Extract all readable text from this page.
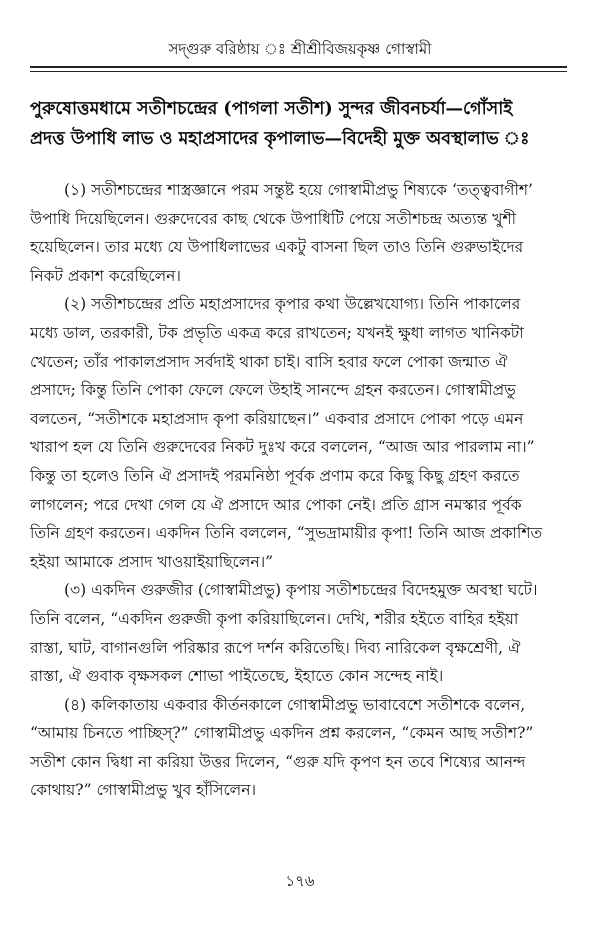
সদ্‌গুরু বরিষ্ঠায় ঃ শ্রীশ্রীবিজয়কৃষ্ণ গোস্বামী
পুরুষোত্তমধামে সতীশচন্দ্রের (পাগলা সতীশ) সুন্দর জীবনচর্যা—গোঁসাই
প্রদত্ত উপাধি লাভ ও মহাপ্রসাদের কৃপালাভ—বিদেহী মুক্ত অবস্থালাভ ঃ
(১) সতীশচন্দ্রের শাস্ত্রজ্ঞানে পরম সন্তুষ্ট হয়ে গোস্বামীপ্রভু শিষ্যকে ‘তত্ত্ববাগীশ’
উপাধি দিয়েছিলেন। গুরুদেবের কাছ থেকে উপাধিটি পেয়ে সতীশচন্দ্র অত্যন্ত খুশী
হয়েছিলেন। তার মধ্যে যে উপাধিলাভের একটু বাসনা ছিল তাও তিনি গুরুভাইদের
নিকট প্রকাশ করেছিলেন।
(২) সতীশচন্দ্রের প্রতি মহাপ্রসাদের কৃপার কথা উল্লেখযোগ্য। তিনি পাকালের
মধ্যে ডাল, তরকারী, টক প্রভৃতি একত্র করে রাখতেন; যখনই ক্ষুধা লাগত খানিকটা
খেতেন; তাঁর পাকালপ্রসাদ সর্বদাই থাকা চাই। বাসি হবার ফলে পোকা জন্মাত ঐ
প্রসাদে; কিন্তু তিনি পোকা ফেলে ফেলে উহাই সানন্দে গ্রহন করতেন। গোস্বামীপ্রভু
বলতেন, “সতীশকে মহাপ্রসাদ কৃপা করিয়াছেন।” একবার প্রসাদে পোকা পড়ে এমন
খারাপ হল যে তিনি গুরুদেবের নিকট দুঃখ করে বললেন, “আজ আর পারলাম না।”
কিন্তু তা হলেও তিনি ঐ প্রসাদই পরমনিষ্ঠা পূর্বক প্রণাম করে কিছু কিছু গ্রহণ করতে
লাগলেন; পরে দেখা গেল যে ঐ প্রসাদে আর পোকা নেই। প্রতি গ্রাস নমস্কার পূর্বক
তিনি গ্রহণ করতেন। একদিন তিনি বললেন, “সুভদ্রামায়ীর কৃপা! তিনি আজ প্রকাশিত
হইয়া আমাকে প্রসাদ খাওয়াইয়াছিলেন।”
(৩) একদিন গুরুজীর (গোস্বামীপ্রভু) কৃপায় সতীশচন্দ্রের বিদেহমুক্ত অবস্থা ঘটে।
তিনি বলেন, “একদিন গুরুজী কৃপা করিয়াছিলেন। দেখি, শরীর হইতে বাহির হইয়া
রাস্তা, ঘাট, বাগানগুলি পরিষ্কার রূপে দর্শন করিতেছি। দিব্য নারিকেল বৃক্ষশ্রেণী, ঐ
রাস্তা, ঐ গুবাক বৃক্ষসকল শোভা পাইতেছে, ইহাতে কোন সন্দেহ নাই।
(৪) কলিকাতায় একবার কীর্তনকালে গোস্বামীপ্রভু ভাবাবেশে সতীশকে বলেন,
“আমায় চিনতে পাচ্ছিস্?” গোস্বামীপ্রভু একদিন প্রশ্ন করলেন, “কেমন আছ সতীশ?”
সতীশ কোন দ্বিধা না করিয়া উত্তর দিলেন, “গুরু যদি কৃপণ হন তবে শিষ্যের আনন্দ
কোথায়?” গোস্বামীপ্রভু খুব হাঁসিলেন।
১৭৬
